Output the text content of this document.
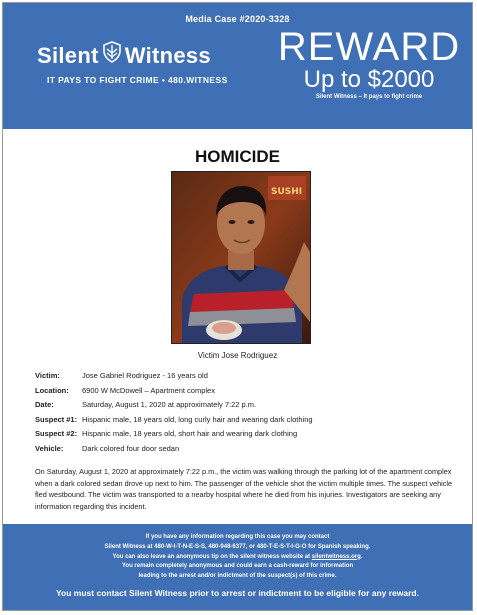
Media Case #2020-3328
Silent Witness
IT PAYS TO FIGHT CRIME • 480.WITNESS
REWARD
Up to $2000
Silent Witness – It pays to fight crime
HOMICIDE
SUSHI
Victim Jose Rodriguez
Victim:	Jose Gabriel Rodriguez - 16 years old
Location: 6900 W McDowell – Apartment complex
Date:	Saturday, August 1, 2020 at approximately 7:22 p.m.
Suspect #1: Hispanic male, 18 years old, long curly hair and wearing dark clothing
Suspect #2: Hispanic male, 18 years old, short hair and wearing dark clothing
Vehicle: Dark colored four door sedan
On Saturday, August 1, 2020 at approximately 7:22 p.m., the victim was walking through the parking lot of the apartment complex when a dark colored sedan drove up next to him. The passenger of the vehicle shot the victim multiple times. The suspect vehicle fled westbound. The victim was transported to a nearby hospital where he died from his injuries. Investigators are seeking any information regarding this incident.
If you have any information regarding this case you may contact
Silent Witness at 480-W-I-T-N-E-S-S, 480-948-6377, or 480-T-E-S-T-I-G-O for Spanish speaking.
You can also leave an anonymous tip on the silent witness website at silentwitness.org.
You remain completely anonymous and could earn a cash-reward for information
leading to the arrest and/or indictment of the suspect(s) of this crime.
You must contact Silent Witness prior to arrest or indictment to be eligible for any reward.
